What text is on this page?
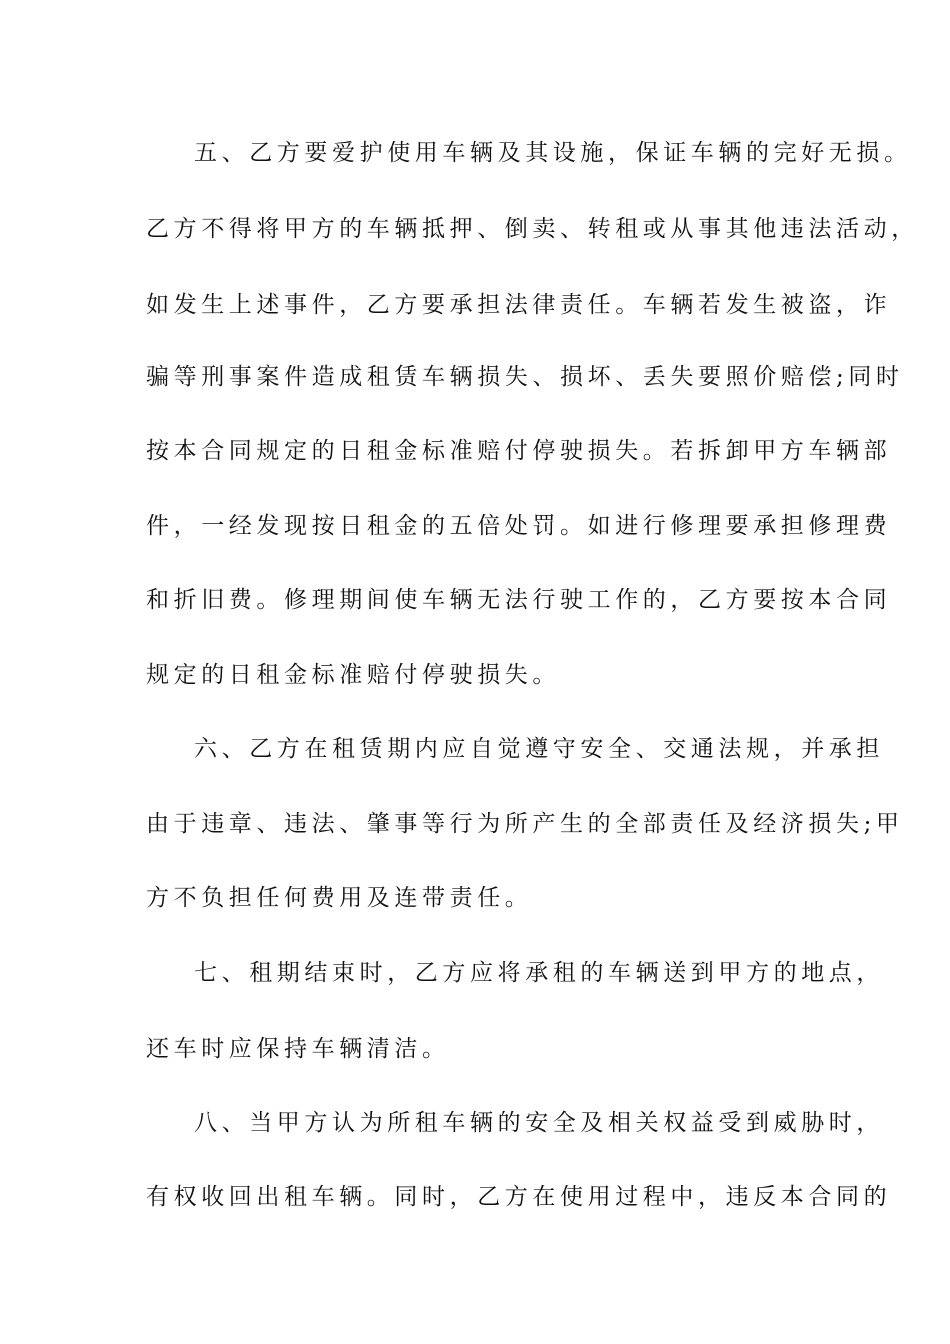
五、乙方要爱护使用车辆及其设施，保证车辆的完好无损。
乙方不得将甲方的车辆抵押、倒卖、转租或从事其他违法活动，
如发生上述事件，乙方要承担法律责任。车辆若发生被盗，诈
骗等刑事案件造成租赁车辆损失、损坏、丢失要照价赔偿;同时
按本合同规定的日租金标准赔付停驶损失。若拆卸甲方车辆部
件，一经发现按日租金的五倍处罚。如进行修理要承担修理费
和折旧费。修理期间使车辆无法行驶工作的，乙方要按本合同
规定的日租金标准赔付停驶损失。
六、乙方在租赁期内应自觉遵守安全、交通法规，并承担
由于违章、违法、肇事等行为所产生的全部责任及经济损失;甲
方不负担任何费用及连带责任。
七、租期结束时，乙方应将承租的车辆送到甲方的地点，
还车时应保持车辆清洁。
八、当甲方认为所租车辆的安全及相关权益受到威胁时，
有权收回出租车辆。同时，乙方在使用过程中，违反本合同的
